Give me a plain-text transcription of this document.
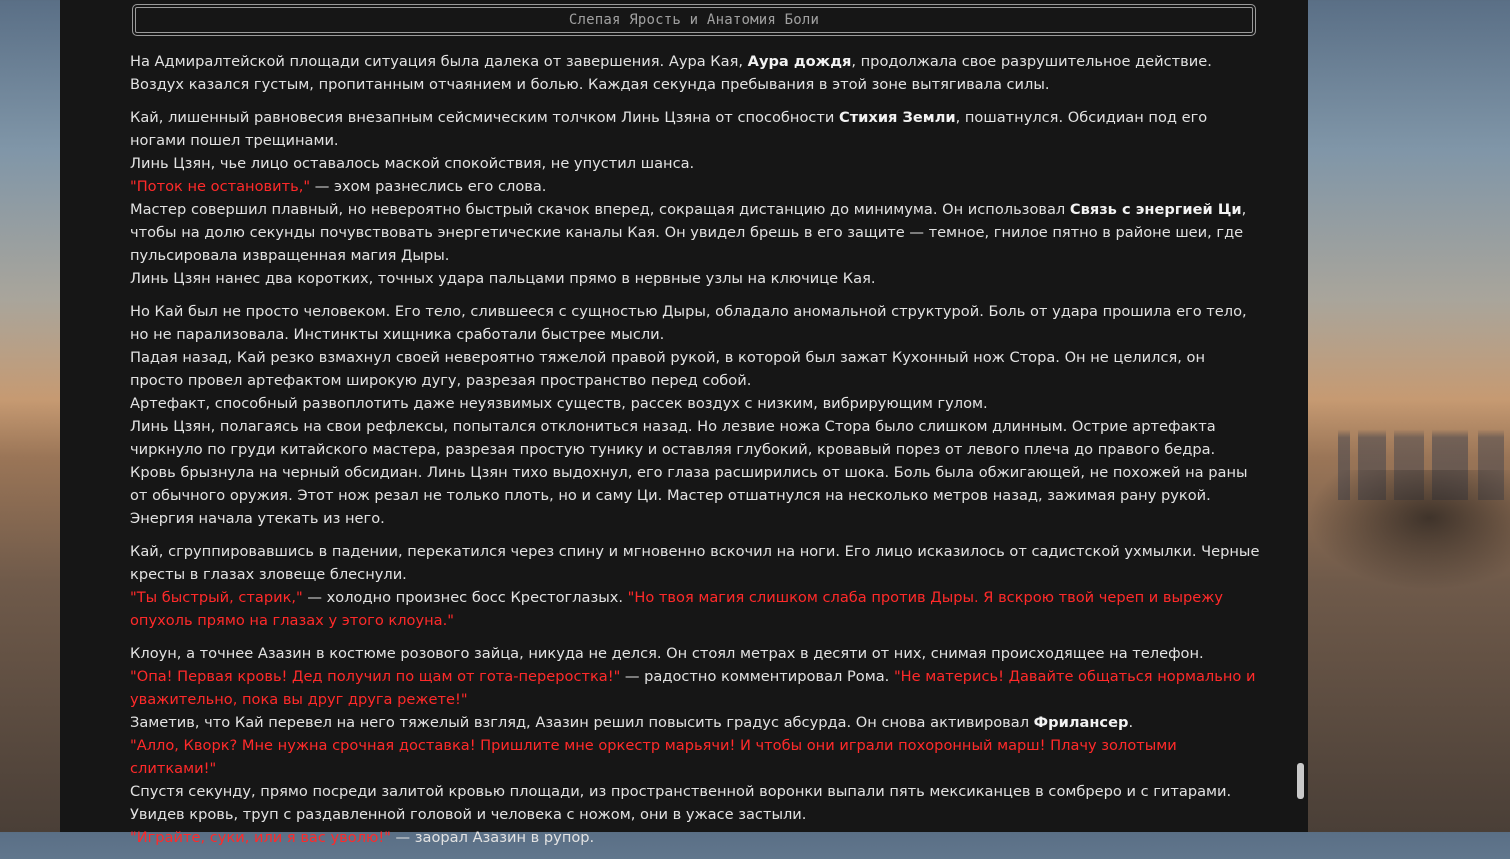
Слепая Ярость и Анатомия Боли

На Адмиралтейской площади ситуация была далека от завершения. Аура Кая, Аура дождя, продолжала свое разрушительное действие. Воздух казался густым, пропитанным отчаянием и болью. Каждая секунда пребывания в этой зоне вытягивала силы.

Кай, лишенный равновесия внезапным сейсмическим толчком Линь Цзяна от способности Стихия Земли, пошатнулся. Обсидиан под его ногами пошел трещинами.
Линь Цзян, чье лицо оставалось маской спокойствия, не упустил шанса.
"Поток не остановить," — эхом разнеслись его слова.
Мастер совершил плавный, но невероятно быстрый скачок вперед, сокращая дистанцию до минимума. Он использовал Связь с энергией Ци, чтобы на долю секунды почувствовать энергетические каналы Кая. Он увидел брешь в его защите — темное, гнилое пятно в районе шеи, где пульсировала извращенная магия Дыры.
Линь Цзян нанес два коротких, точных удара пальцами прямо в нервные узлы на ключице Кая.

Но Кай был не просто человеком. Его тело, слившееся с сущностью Дыры, обладало аномальной структурой. Боль от удара прошила его тело, но не парализовала. Инстинкты хищника сработали быстрее мысли.
Падая назад, Кай резко взмахнул своей невероятно тяжелой правой рукой, в которой был зажат Кухонный нож Стора. Он не целился, он просто провел артефактом широкую дугу, разрезая пространство перед собой.
Артефакт, способный развоплотить даже неуязвимых существ, рассек воздух с низким, вибрирующим гулом.
Линь Цзян, полагаясь на свои рефлексы, попытался отклониться назад. Но лезвие ножа Стора было слишком длинным. Острие артефакта чиркнуло по груди китайского мастера, разрезая простую тунику и оставляя глубокий, кровавый порез от левого плеча до правого бедра.
Кровь брызнула на черный обсидиан. Линь Цзян тихо выдохнул, его глаза расширились от шока. Боль была обжигающей, не похожей на раны от обычного оружия. Этот нож резал не только плоть, но и саму Ци. Мастер отшатнулся на несколько метров назад, зажимая рану рукой. Энергия начала утекать из него.

Кай, сгруппировавшись в падении, перекатился через спину и мгновенно вскочил на ноги. Его лицо исказилось от садистской ухмылки. Черные кресты в глазах зловеще блеснули.
"Ты быстрый, старик," — холодно произнес босс Крестоглазых. "Но твоя магия слишком слаба против Дыры. Я вскрою твой череп и вырежу опухоль прямо на глазах у этого клоуна."

Клоун, а точнее Азазин в костюме розового зайца, никуда не делся. Он стоял метрах в десяти от них, снимая происходящее на телефон.
"Опа! Первая кровь! Дед получил по щам от гота-переростка!" — радостно комментировал Рома. "Не матерись! Давайте общаться нормально и уважительно, пока вы друг друга режете!"
Заметив, что Кай перевел на него тяжелый взгляд, Азазин решил повысить градус абсурда. Он снова активировал Фрилансер.
"Алло, Кворк? Мне нужна срочная доставка! Пришлите мне оркестр марьячи! И чтобы они играли похоронный марш! Плачу золотыми слитками!"
Спустя секунду, прямо посреди залитой кровью площади, из пространственной воронки выпали пять мексиканцев в сомбреро и с гитарами.
Увидев кровь, труп с раздавленной головой и человека с ножом, они в ужасе застыли.
"Играйте, суки, или я вас уволю!" — заорал Азазин в рупор.
